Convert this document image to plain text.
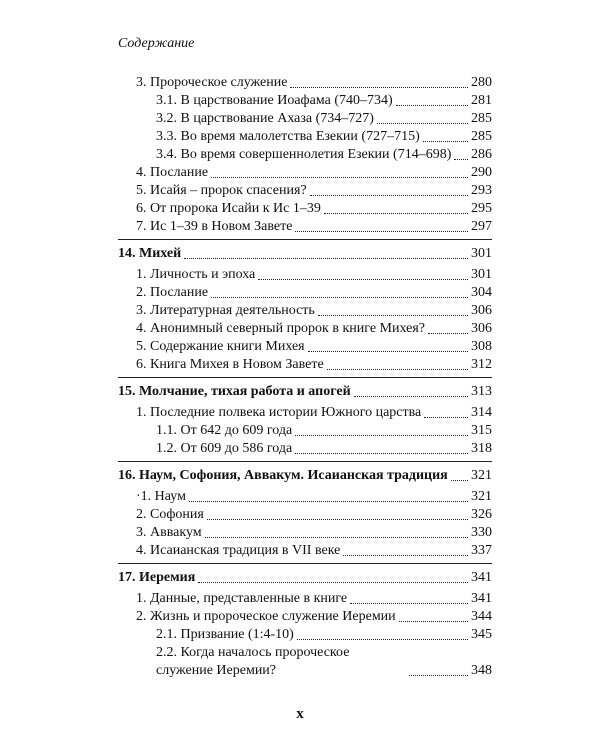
Содержание
3. Пророческое служение	280
3.1. В царствование Иоафама (740–734)	281
3.2. В царствование Ахаза (734–727)	285
3.3. Во время малолетства Езекии (727–715)	285
3.4. Во время совершеннолетия Езекии (714–698) 286
4. Послание	290
5. Исайя – пророк спасения?	293
6. От пророка Исайи к Ис 1–39	295
7. Ис 1–39 в Новом Завете	297
14. Михей	301
1. Личность и эпоха	301
2. Послание	304
3. Литературная деятельность	306
4. Анонимный северный пророк в книге Михея?	306
5. Содержание книги Михея	308
6. Книга Михея в Новом Завете	312
15. Молчание, тихая работа и апогей	313
1. Последние полвека истории Южного царства	314
1.1. От 642 до 609 года	315
1.2. От 609 до 586 года	318
16. Наум, Софония, Аввакум. Исаианская традиция 321
·1. Наум	321
2. Софония	326
3. Аввакум	330
4. Исаианская традиция в VII веке	337
17. Иеремия	341
1. Данные, представленные в книге	341
2. Жизнь и пророческое служение Иеремии	344
2.1. Призвание (1:4-10)	345
2.2. Когда началось пророческое служение Иеремии?	348
x
